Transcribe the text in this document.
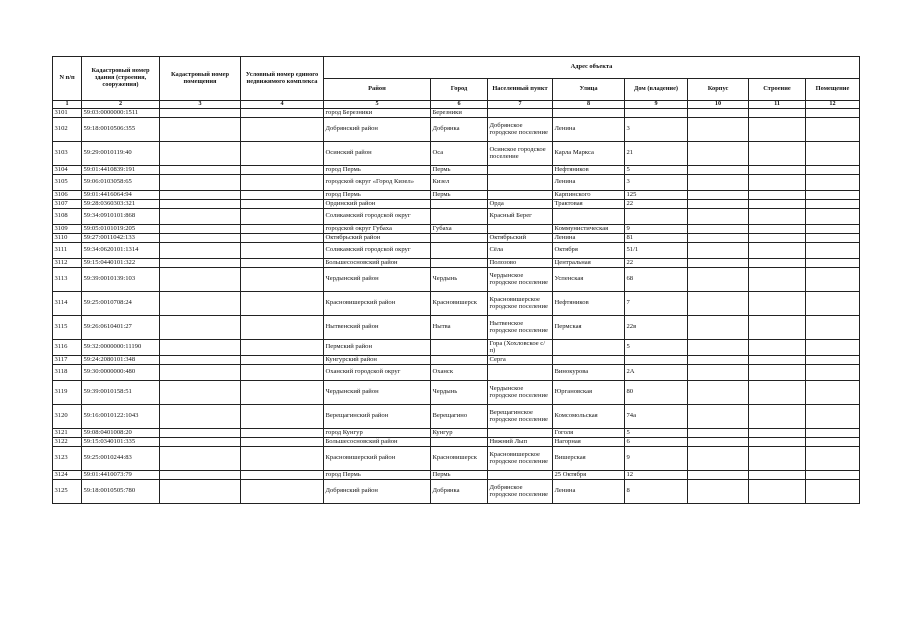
N п/п	Кадастровый номер здания (строения, сооружения)	Кадастровый номер помещения	Условный номер единого недвижимого комплекса	Адрес объекта							
				Район	Город	Населенный пункт	Улица	Дом (владение)	Корпус	Строение	Помещение
1	2	3	4	5	6	7	8	9	10	11	12
3101	59:03:0000000:1511			город Березники	Березники						
3102	59:18:0010506:355			Добрянский район	Добрянка	Добрянское городское поселение	Ленина	3			
3103	59:29:0010119:40			Осинский район	Оса	Осинское городское поселение	Карла Маркса	21			
3104	59:01:4410839:191			город Пермь	Пермь		Нефтяников	5			
3105	59:06:0103058:65			городской округ «Город Кизел»	Кизел		Ленина	3			
3106	59:01:4416064:94			город Пермь	Пермь		Карпинского	125			
3107	59:28:0360303:321			Ординский район		Орда	Трактовая	22			
3108	59:34:0910101:868			Соликамский городской округ		Красный Берег					
3109	59:05:0101019:205			городской округ Губаха	Губаха		Коммунистическая	9			
3110	59:27:0011042:133			Октябрьский район		Октябрьский	Ленина	81			
3111	59:34:0620101:1314			Соликамский городской округ		Сёла	Октября	51/1			
3112	59:15:0440101:322			Большесосновский район		Полозово	Центральная	22			
3113	59:39:0010139:103			Чердынский район	Чердынь	Чердынское городское поселение	Успенская	68			
3114	59:25:0010708:24			Красновишерский район	Красновишерск	Красновишерское городское поселение	Нефтяников	7			
3115	59:26:0610401:27			Нытвенский район	Нытва	Нытвенское городское поселение	Пермская	22в			
3116	59:32:0000000:11190			Пермский район		Гора (Хохловское с/п)		5			
3117	59:24:2080101:348			Кунгурский район		Серга					
3118	59:30:0000000:480			Оханский городской округ	Оханск		Винокурова	2А			
3119	59:39:0010158:51			Чердынский район	Чердынь	Чердынское городское поселение	Юргановская	80			
3120	59:16:0010122:1043			Верещагинский район	Верещагино	Верещагинское городское поселение	Комсомольская	74а			
3121	59:08:0401008:20			город Кунгур	Кунгур		Гоголя	5			
3122	59:15:0340101:335			Большесосновский район		Нижний Лып	Нагорная	6			
3123	59:25:0010244:83			Красновишерский район	Красновишерск	Красновишерское городское поселение	Вишерская	9			
3124	59:01:4410073:79			город Пермь	Пермь		25 Октября	12			
3125	59:18:0010505:780			Добрянский район	Добрянка	Добрянское городское поселение	Ленина	8			
